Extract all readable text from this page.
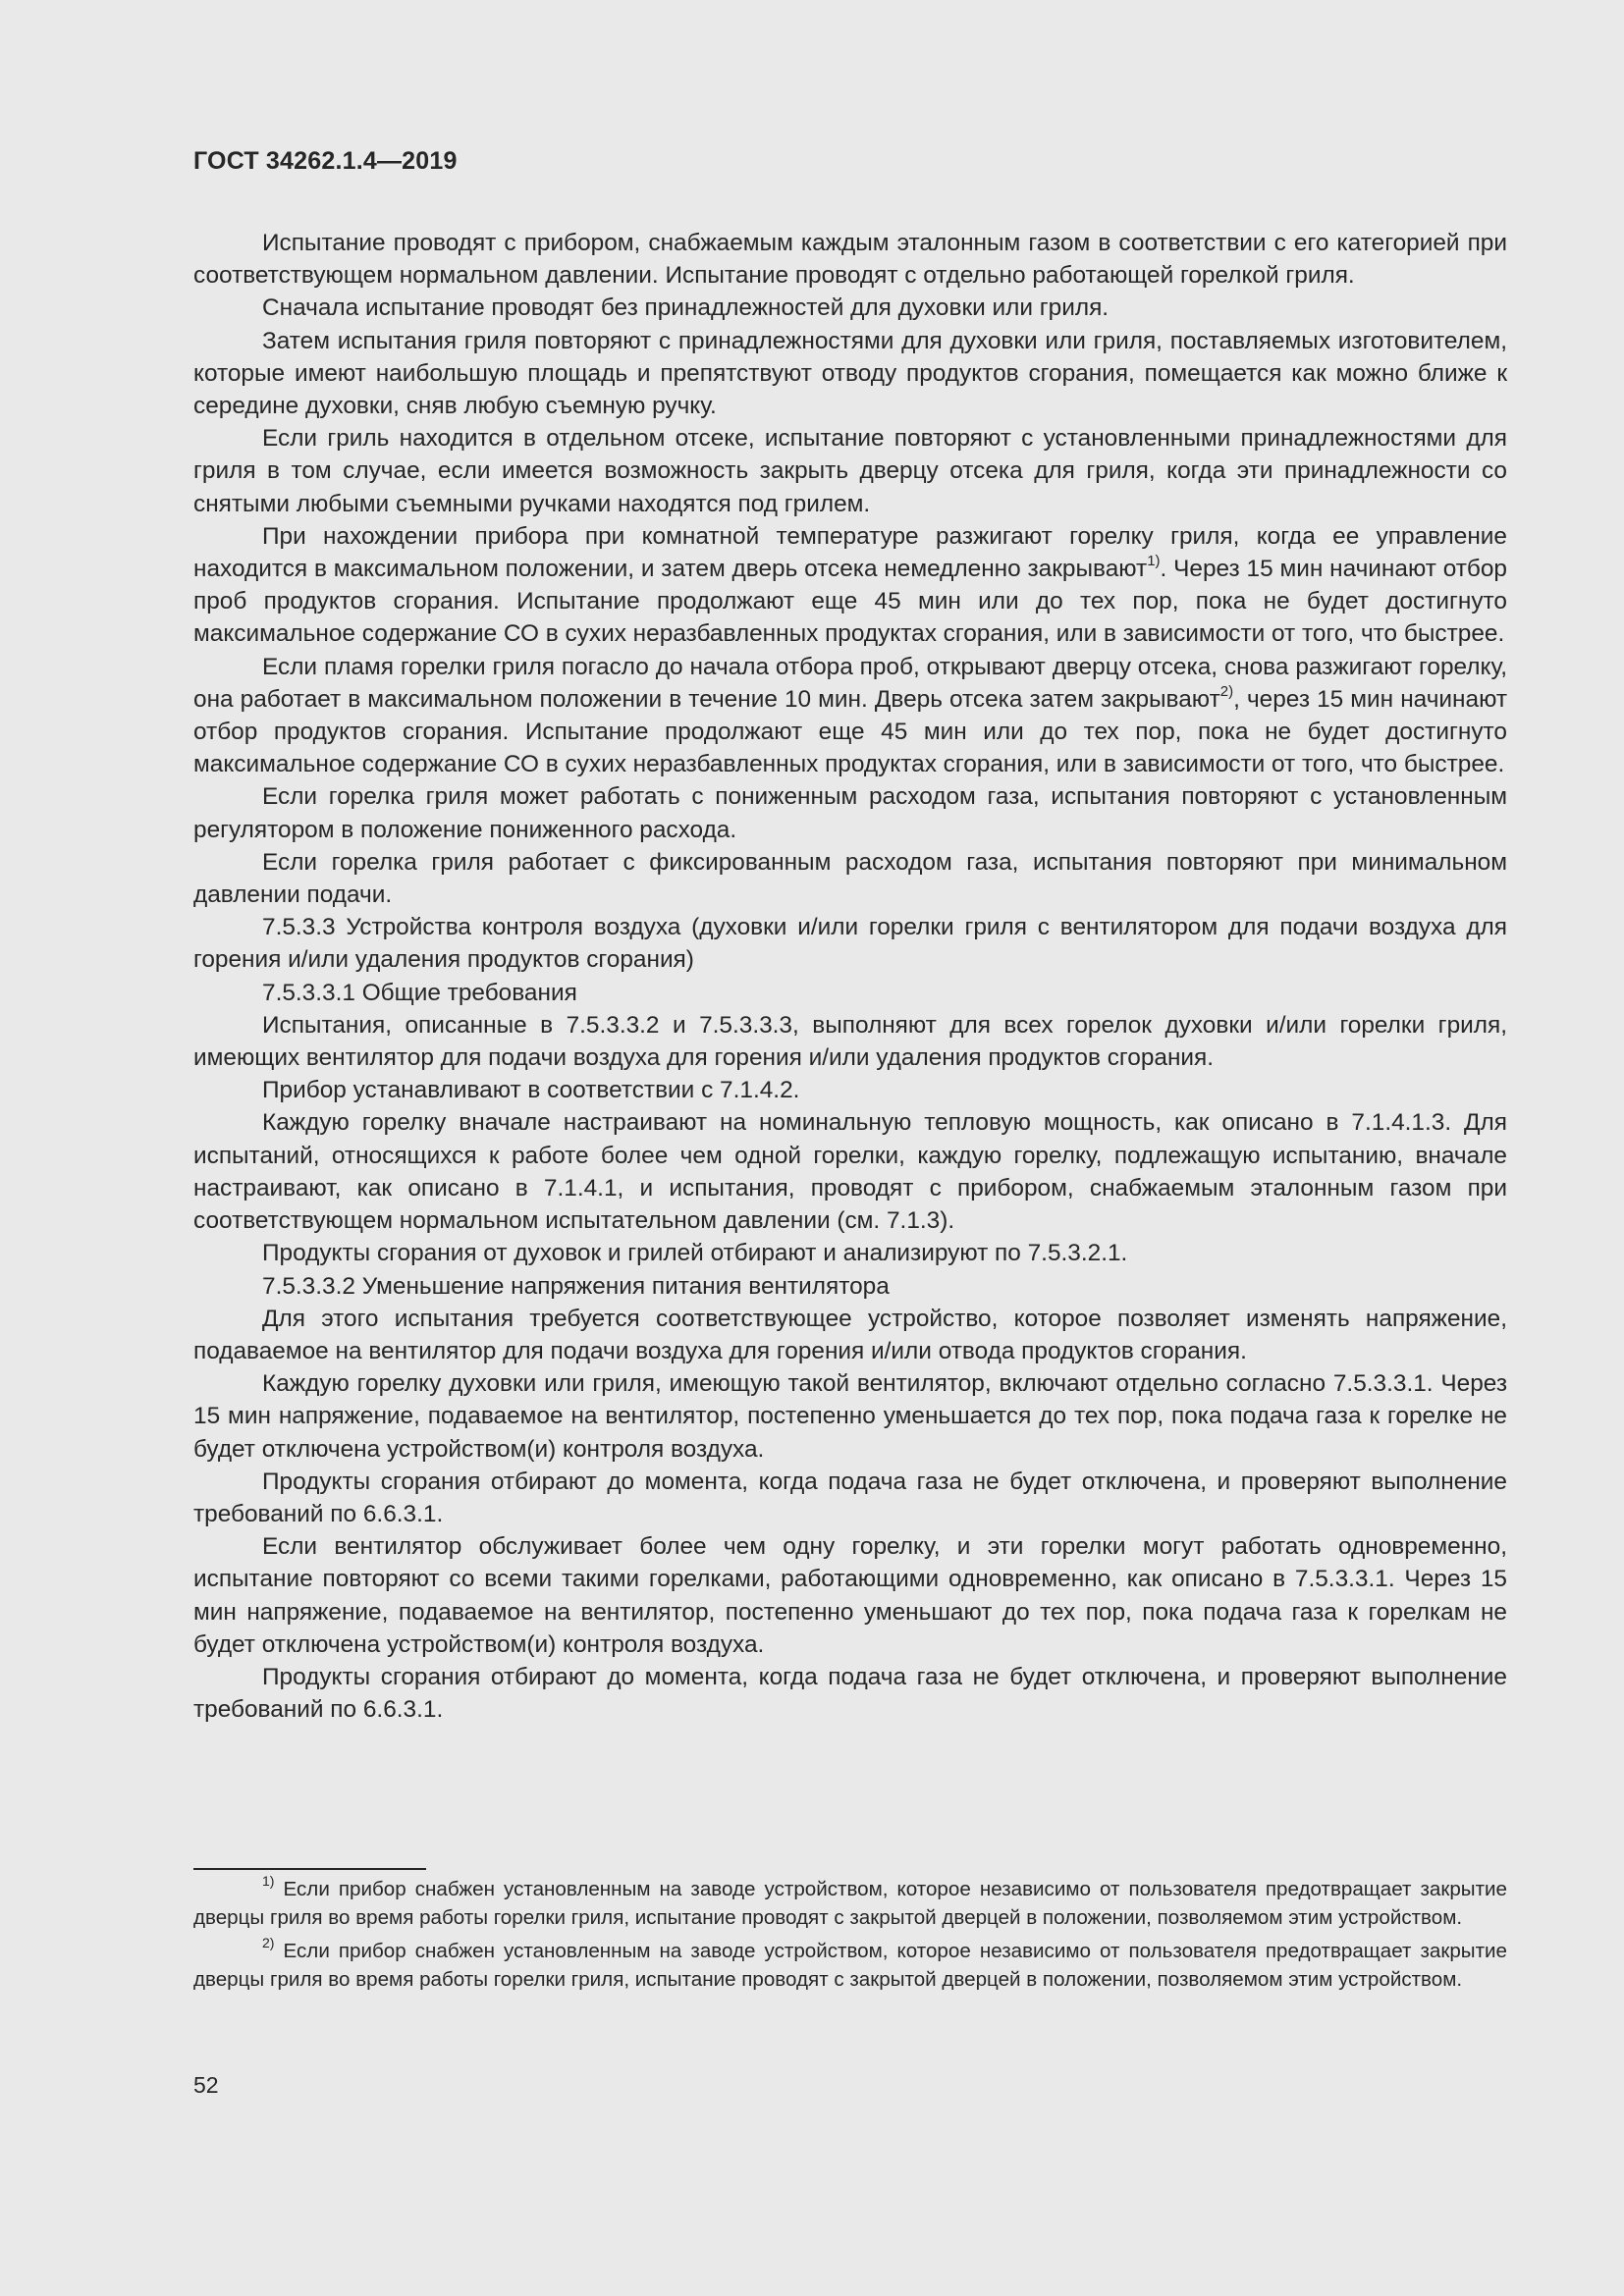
ГОСТ 34262.1.4—2019

Испытание проводят с прибором, снабжаемым каждым эталонным газом в соответствии с его категорией при соответствующем нормальном давлении. Испытание проводят с отдельно работающей горелкой гриля.

Сначала испытание проводят без принадлежностей для духовки или гриля.

Затем испытания гриля повторяют с принадлежностями для духовки или гриля, поставляемых изготовителем, которые имеют наибольшую площадь и препятствуют отводу продуктов сгорания, помещается как можно ближе к середине духовки, сняв любую съемную ручку.

Если гриль находится в отдельном отсеке, испытание повторяют с установленными принадлежностями для гриля в том случае, если имеется возможность закрыть дверцу отсека для гриля, когда эти принадлежности со снятыми любыми съемными ручками находятся под грилем.

При нахождении прибора при комнатной температуре разжигают горелку гриля, когда ее управление находится в максимальном положении, и затем дверь отсека немедленно закрывают$^{1)}$. Через 15 мин начинают отбор проб продуктов сгорания. Испытание продолжают еще 45 мин или до тех пор, пока не будет достигнуто максимальное содержание СО в сухих неразбавленных продуктах сгорания, или в зависимости от того, что быстрее.

Если пламя горелки гриля погасло до начала отбора проб, открывают дверцу отсека, снова разжигают горелку, она работает в максимальном положении в течение 10 мин. Дверь отсека затем закрывают$^{2)}$, через 15 мин начинают отбор продуктов сгорания. Испытание продолжают еще 45 мин или до тех пор, пока не будет достигнуто максимальное содержание СО в сухих неразбавленных продуктах сгорания, или в зависимости от того, что быстрее.

Если горелка гриля может работать с пониженным расходом газа, испытания повторяют с установленным регулятором в положение пониженного расхода.

Если горелка гриля работает с фиксированным расходом газа, испытания повторяют при минимальном давлении подачи.

7.5.3.3 Устройства контроля воздуха (духовки и/или горелки гриля с вентилятором для подачи воздуха для горения и/или удаления продуктов сгорания)

7.5.3.3.1 Общие требования

Испытания, описанные в 7.5.3.3.2 и 7.5.3.3.3, выполняют для всех горелок духовки и/или горелки гриля, имеющих вентилятор для подачи воздуха для горения и/или удаления продуктов сгорания.

Прибор устанавливают в соответствии с 7.1.4.2.

Каждую горелку вначале настраивают на номинальную тепловую мощность, как описано в 7.1.4.1.3. Для испытаний, относящихся к работе более чем одной горелки, каждую горелку, подлежащую испытанию, вначале настраивают, как описано в 7.1.4.1, и испытания, проводят с прибором, снабжаемым эталонным газом при соответствующем нормальном испытательном давлении (см. 7.1.3).

Продукты сгорания от духовок и грилей отбирают и анализируют по 7.5.3.2.1.

7.5.3.3.2 Уменьшение напряжения питания вентилятора

Для этого испытания требуется соответствующее устройство, которое позволяет изменять напряжение, подаваемое на вентилятор для подачи воздуха для горения и/или отвода продуктов сгорания.

Каждую горелку духовки или гриля, имеющую такой вентилятор, включают отдельно согласно 7.5.3.3.1. Через 15 мин напряжение, подаваемое на вентилятор, постепенно уменьшается до тех пор, пока подача газа к горелке не будет отключена устройством(и) контроля воздуха.

Продукты сгорания отбирают до момента, когда подача газа не будет отключена, и проверяют выполнение требований по 6.6.3.1.

Если вентилятор обслуживает более чем одну горелку, и эти горелки могут работать одновременно, испытание повторяют со всеми такими горелками, работающими одновременно, как описано в 7.5.3.3.1. Через 15 мин напряжение, подаваемое на вентилятор, постепенно уменьшают до тех пор, пока подача газа к горелкам не будет отключена устройством(и) контроля воздуха.

Продукты сгорания отбирают до момента, когда подача газа не будет отключена, и проверяют выполнение требований по 6.6.3.1.

$^{1)}$ Если прибор снабжен установленным на заводе устройством, которое независимо от пользователя предотвращает закрытие дверцы гриля во время работы горелки гриля, испытание проводят с закрытой дверцей в положении, позволяемом этим устройством.

$^{2)}$ Если прибор снабжен установленным на заводе устройством, которое независимо от пользователя предотвращает закрытие дверцы гриля во время работы горелки гриля, испытание проводят с закрытой дверцей в положении, позволяемом этим устройством.

52
